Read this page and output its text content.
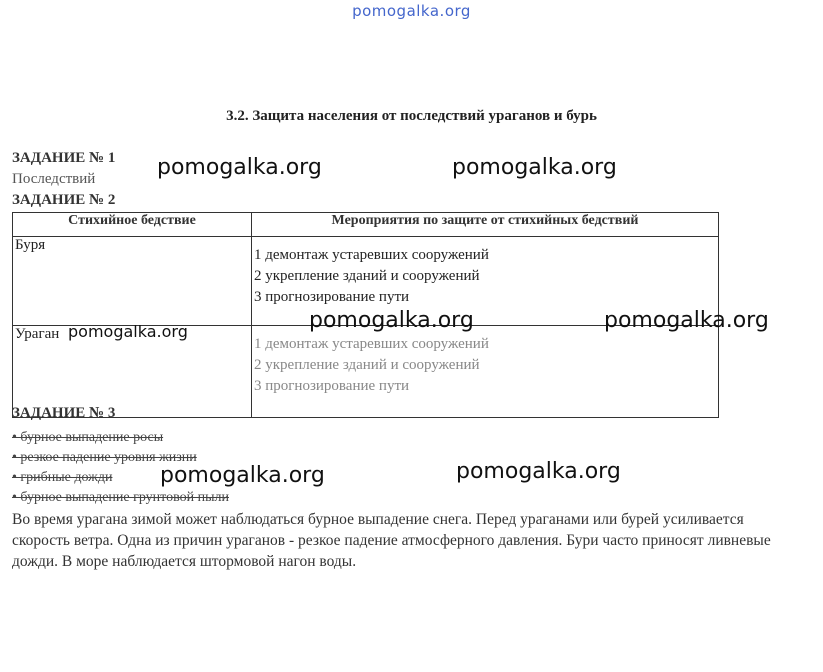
pomogalka.org
3.2. Защита населения от последствий ураганов и бурь
ЗАДАНИЕ № 1
Последствий
ЗАДАНИЕ № 2
Стихийное бедствие	Мероприятия по защите от стихийных бедствий
Буря	1 демонтаж устаревших сооружений
2 укрепление зданий и сооружений
3 прогнозирование пути

Ураган	1 демонтаж устаревших сооружений
2 укрепление зданий и сооружений
3 прогнозирование пути
ЗАДАНИЕ № 3
• бурное выпадение росы
• резкое падение уровня жизни
• грибные дожди
• бурное выпадение грунтовой пыли
Во время урагана зимой может наблюдаться бурное выпадение снега. Перед ураганами или бурей усиливается скорость ветра. Одна из причин ураганов - резкое падение атмосферного давления. Бури часто приносят ливневые дожди. В море наблюдается штормовой нагон воды.
pomogalka.org	pomogalka.org
pomogalka.org	pomogalka.org	pomogalka.org
pomogalka.org	pomogalka.org
